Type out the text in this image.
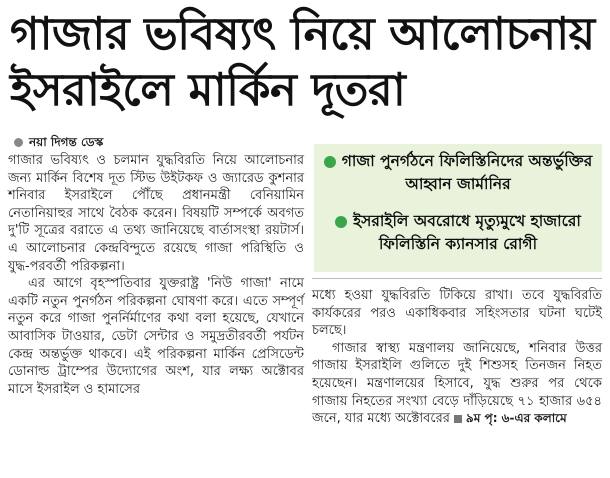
গাজার ভবিষ্যৎ নিয়ে আলোচনায়
ইসরাইলে মার্কিন দূতরা
নয়া দিগন্ত ডেস্ক

গাজার ভবিষ্যৎ ও চলমান যুদ্ধবিরতি নিয়ে আলোচনার জন্য মার্কিন বিশেষ দূত স্টিভ উইটকফ ও জ্যারেড কুশনার শনিবার ইসরাইলে পৌঁছে প্রধানমন্ত্রী বেনিয়ামিন নেতানিয়াহুর সাথে বৈঠক করেন। বিষয়টি সম্পর্কে অবগত দু'টি সূত্রের বরাতে এ তথ্য জানিয়েছে বার্তাসংস্থা রয়টার্স। এ আলোচনার কেন্দ্রবিন্দুতে রয়েছে গাজা পরিস্থিতি ও যুদ্ধ-পরবর্তী পরিকল্পনা।

এর আগে বৃহস্পতিবার যুক্তরাষ্ট্র 'নিউ গাজা' নামে একটি নতুন পুনর্গঠন পরিকল্পনা ঘোষণা করে। এতে সম্পূর্ণ নতুন করে গাজা পুনর্নির্মাণের কথা বলা হয়েছে, যেখানে আবাসিক টাওয়ার, ডেটা সেন্টার ও সমুদ্রতীরবর্তী পর্যটন কেন্দ্র অন্তর্ভুক্ত থাকবে। এই পরিকল্পনা মার্কিন প্রেসিডেন্ট ডোনাল্ড ট্রাম্পের উদ্যোগের অংশ, যার লক্ষ্য অক্টোবর মাসে ইসরাইল ও হামাসের

গাজা পুনর্গঠনে ফিলিস্তিনিদের অন্তর্ভুক্তির আহ্বান জার্মানির
ইসরাইলি অবরোধে মৃত্যুমুখে হাজারো ফিলিস্তিনি ক্যানসার রোগী

মধ্যে হওয়া যুদ্ধবিরতি টিকিয়ে রাখা। তবে যুদ্ধবিরতি কার্যকরের পরও একাধিকবার সহিংসতার ঘটনা ঘটেই চলছে।

গাজার স্বাস্থ্য মন্ত্রণালয় জানিয়েছে, শনিবার উত্তর গাজায় ইসরাইলি গুলিতে দুই শিশুসহ তিনজন নিহত হয়েছেন। মন্ত্রণালয়ের হিসাবে, যুদ্ধ শুরুর পর থেকে গাজায় নিহতের সংখ্যা বেড়ে দাঁড়িয়েছে ৭১ হাজার ৬৫৪ জনে, যার মধ্যে অক্টোবরের ৯ম পৃ: ৬-এর কলামে
